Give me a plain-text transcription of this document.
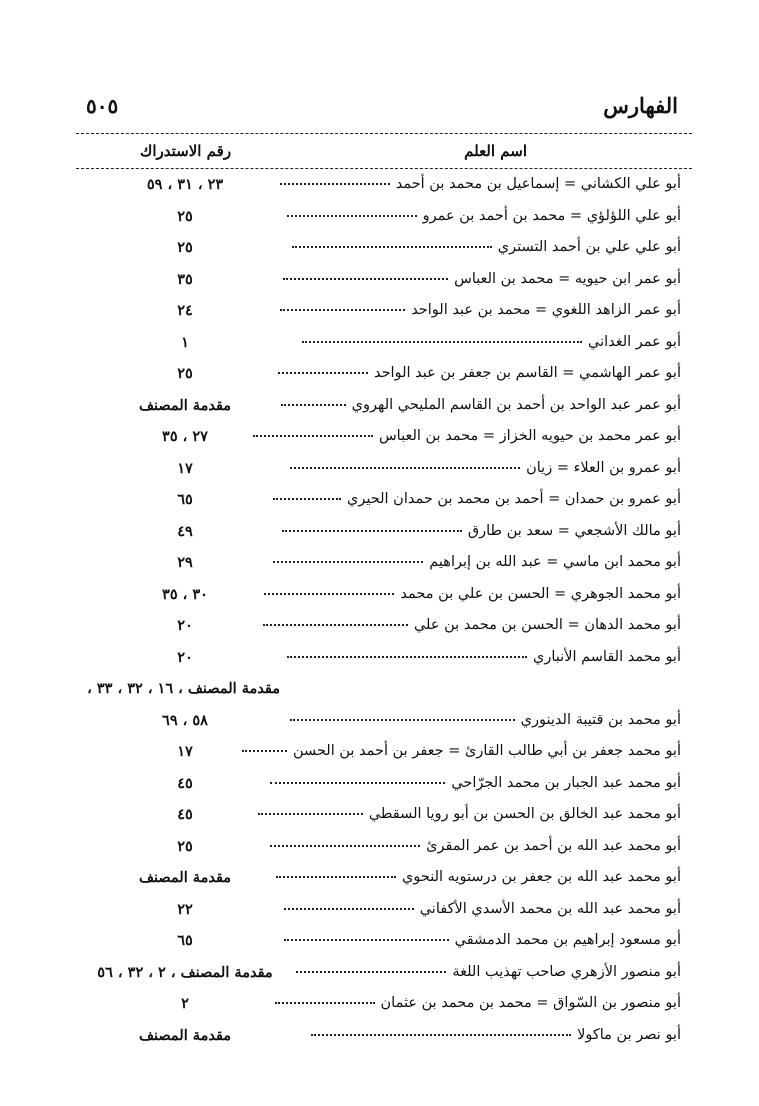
٥٠٥	الفهارس
اسم العلم
رقم الاستدراك
أبو علي الكشاني = إسماعيل بن محمد بن أحمد
٢٣ ، ٣١ ، ٥٩
أبو علي اللؤلؤي = محمد بن أحمد بن عمرو
٢٥
أبو علي علي بن أحمد التستري
٢٥
أبو عمر ابن حيويه = محمد بن العباس
٣٥
أبو عمر الزاهد اللغوي = محمد بن عبد الواحد
٢٤
أبو عمر الغداني
١
أبو عمر الهاشمي = القاسم بن جعفر بن عبد الواحد
٢٥
أبو عمر عبد الواحد بن أحمد بن القاسم المليحي الهروي
مقدمة المصنف
أبو عمر محمد بن حيويه الخزاز = محمد بن العباس
٢٧ ، ٣٥
أبو عمرو بن العلاء = زيان
١٧
أبو عمرو بن حمدان = أحمد بن محمد بن حمدان الحيري
٦٥
أبو مالك الأشجعي = سعد بن طارق
٤٩
أبو محمد ابن ماسي = عبد الله بن إبراهيم
٢٩
أبو محمد الجوهري = الحسن بن علي بن محمد
٣٠ ، ٣٥
أبو محمد الدهان = الحسن بن محمد بن علي
٢٠
أبو محمد القاسم الأنباري
٢٠
مقدمة المصنف ، ١٦ ، ٣٢ ، ٣٣ ،
أبو محمد بن قتيبة الدينوري
٥٨ ، ٦٩
أبو محمد جعفر بن أبي طالب القارئ = جعفر بن أحمد بن الحسن
١٧
أبو محمد عبد الجبار بن محمد الجرّاحي
٤٥
أبو محمد عبد الخالق بن الحسن بن أبو رويا السقطي
٤٥
أبو محمد عبد الله بن أحمد بن عمر المقرئ
٢٥
أبو محمد عبد الله بن جعفر بن درستويه النحوي
مقدمة المصنف
أبو محمد عبد الله بن محمد الأسدي الأكفاني
٢٢
أبو مسعود إبراهيم بن محمد الدمشقي
٦٥
أبو منصور الأزهري صاحب تهذيب اللغة
مقدمة المصنف ، ٢ ، ٣٢ ، ٥٦
أبو منصور بن السّواق = محمد بن محمد بن عثمان
٢
أبو نصر بن ماكولا
مقدمة المصنف
